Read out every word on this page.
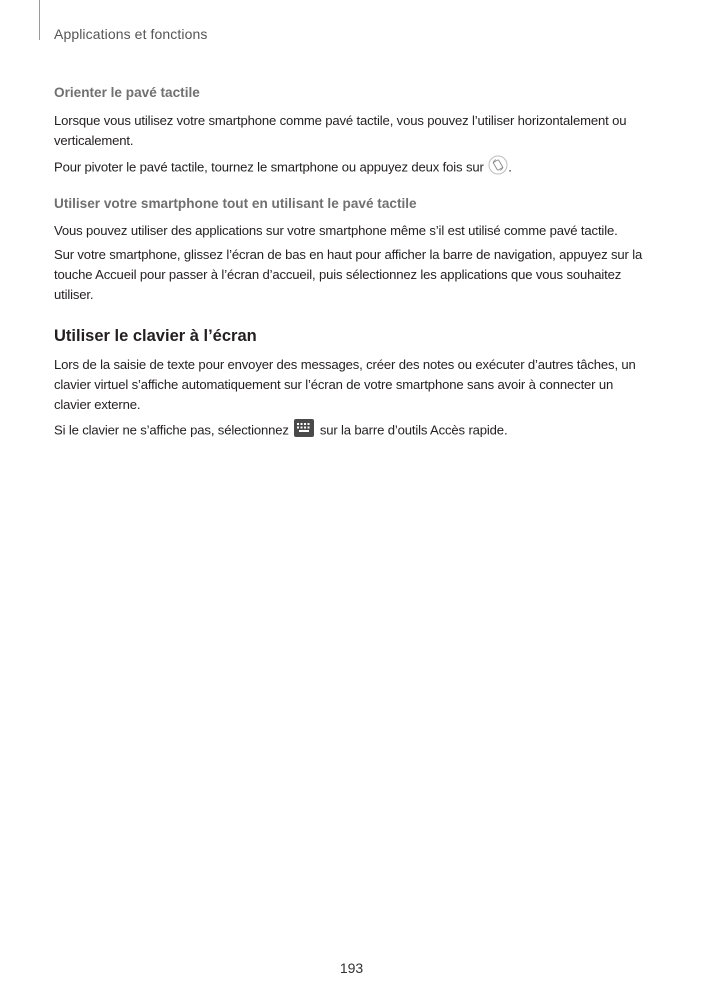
Applications et fonctions
Orienter le pavé tactile

Lorsque vous utilisez votre smartphone comme pavé tactile, vous pouvez l’utiliser horizontalement ou verticalement.

Pour pivoter le pavé tactile, tournez le smartphone ou appuyez deux fois sur .

Utiliser votre smartphone tout en utilisant le pavé tactile

Vous pouvez utiliser des applications sur votre smartphone même s’il est utilisé comme pavé tactile.

Sur votre smartphone, glissez l’écran de bas en haut pour afficher la barre de navigation, appuyez sur la touche Accueil pour passer à l’écran d’accueil, puis sélectionnez les applications que vous souhaitez utiliser.

Utiliser le clavier à l’écran

Lors de la saisie de texte pour envoyer des messages, créer des notes ou exécuter d’autres tâches, un clavier virtuel s’affiche automatiquement sur l’écran de votre smartphone sans avoir à connecter un clavier externe.

Si le clavier ne s’affiche pas, sélectionnez sur la barre d’outils Accès rapide.

193
